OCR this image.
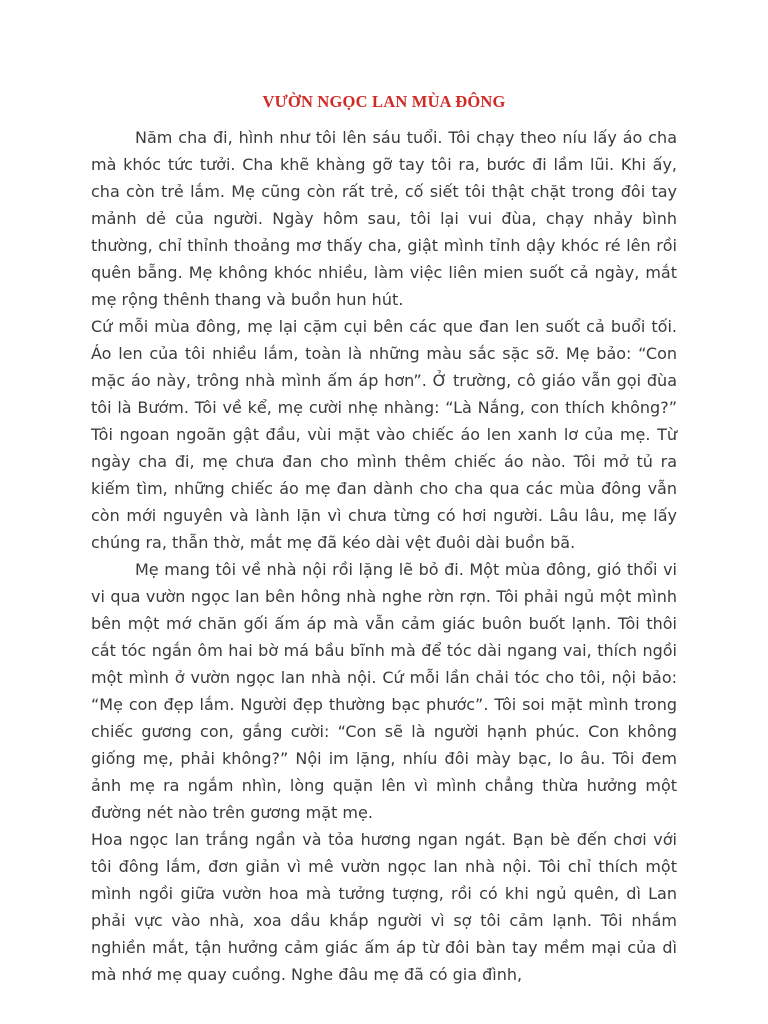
VƯỜN NGỌC LAN MÙA ĐÔNG

Năm cha đi, hình như tôi lên sáu tuổi. Tôi chạy theo níu lấy áo cha mà khóc tức tưởi. Cha khẽ khàng gỡ tay tôi ra, bước đi lầm lũi. Khi ấy, cha còn trẻ lắm. Mẹ cũng còn rất trẻ, cố siết tôi thật chặt trong đôi tay mảnh dẻ của người. Ngày hôm sau, tôi lại vui đùa, chạy nhảy bình thường, chỉ thỉnh thoảng mơ thấy cha, giật mình tỉnh dậy khóc ré lên rồi quên bẵng. Mẹ không khóc nhiều, làm việc liên mien suốt cả ngày, mắt mẹ rộng thênh thang và buồn hun hút.

Cứ mỗi mùa đông, mẹ lại cặm cụi bên các que đan len suốt cả buổi tối. Áo len của tôi nhiều lắm, toàn là những màu sắc sặc sỡ. Mẹ bảo: “Con mặc áo này, trông nhà mình ấm áp hơn”. Ở trường, cô giáo vẫn gọi đùa tôi là Bướm. Tôi về kể, mẹ cười nhẹ nhàng: “Là Nắng, con thích không?” Tôi ngoan ngoãn gật đầu, vùi mặt vào chiếc áo len xanh lơ của mẹ. Từ ngày cha đi, mẹ chưa đan cho mình thêm chiếc áo nào. Tôi mở tủ ra kiếm tìm, những chiếc áo mẹ đan dành cho cha qua các mùa đông vẫn còn mới nguyên và lành lặn vì chưa từng có hơi người. Lâu lâu, mẹ lấy chúng ra, thẫn thờ, mắt mẹ đã kéo dài vệt đuôi dài buồn bã.

Mẹ mang tôi về nhà nội rồi lặng lẽ bỏ đi. Một mùa đông, gió thổi vi vi qua vườn ngọc lan bên hông nhà nghe rờn rợn. Tôi phải ngủ một mình bên một mớ chăn gối ấm áp mà vẫn cảm giác buôn buốt lạnh. Tôi thôi cắt tóc ngắn ôm hai bờ má bầu bĩnh mà để tóc dài ngang vai, thích ngồi một mình ở vườn ngọc lan nhà nội. Cứ mỗi lần chải tóc cho tôi, nội bảo: “Mẹ con đẹp lắm. Người đẹp thường bạc phước”. Tôi soi mặt mình trong chiếc gương con, gắng cười: “Con sẽ là người hạnh phúc. Con không giống mẹ, phải không?” Nội im lặng, nhíu đôi mày bạc, lo âu. Tôi đem ảnh mẹ ra ngắm nhìn, lòng quặn lên vì mình chẳng thừa hưởng một đường nét nào trên gương mặt mẹ.

Hoa ngọc lan trắng ngần và tỏa hương ngan ngát. Bạn bè đến chơi với tôi đông lắm, đơn giản vì mê vườn ngọc lan nhà nội. Tôi chỉ thích một mình ngồi giữa vườn hoa mà tưởng tượng, rồi có khi ngủ quên, dì Lan phải vực vào nhà, xoa dầu khắp người vì sợ tôi cảm lạnh. Tôi nhắm nghiền mắt, tận hưởng cảm giác ấm áp từ đôi bàn tay mềm mại của dì mà nhớ mẹ quay cuồng. Nghe đâu mẹ đã có gia đình,
